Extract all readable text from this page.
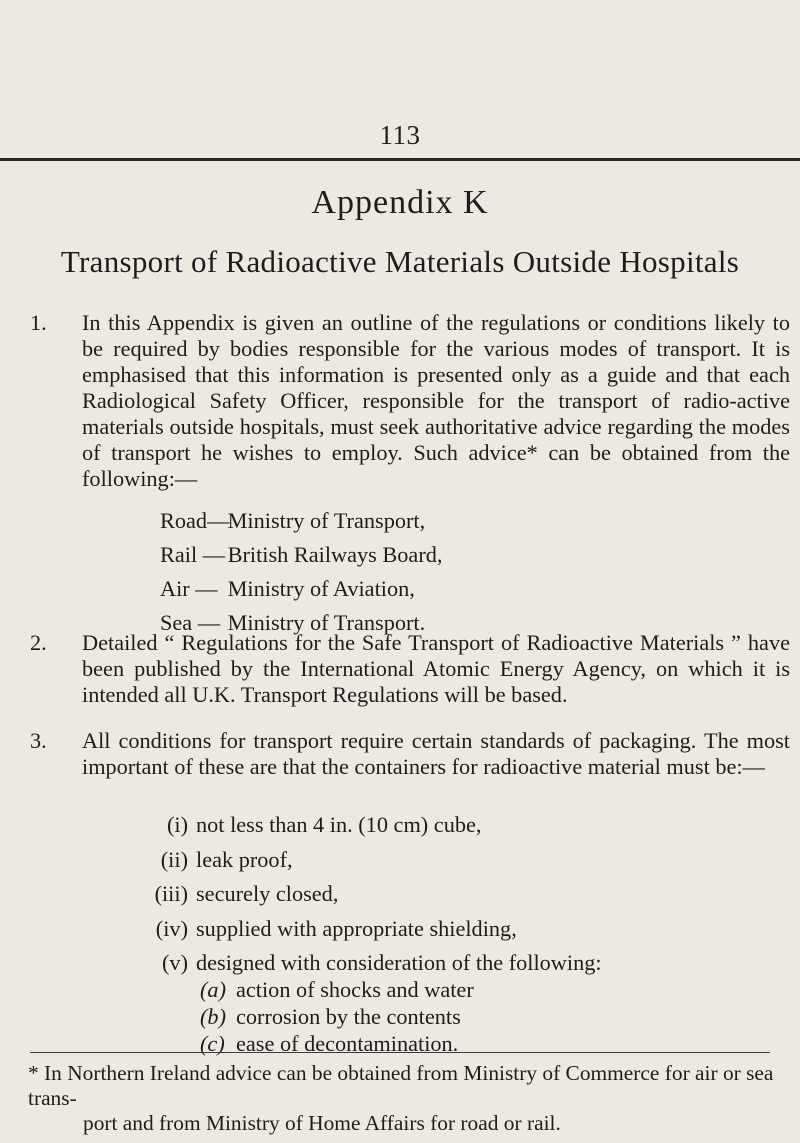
113
Appendix K
Transport of Radioactive Materials Outside Hospitals
1. In this Appendix is given an outline of the regulations or conditions likely to be required by bodies responsible for the various modes of transport. It is emphasised that this information is presented only as a guide and that each Radiological Safety Officer, responsible for the transport of radio-active materials outside hospitals, must seek authoritative advice regarding the modes of transport he wishes to employ. Such advice* can be obtained from the following:—
Road— Ministry of Transport,
Rail — British Railways Board,
Air — Ministry of Aviation,
Sea — Ministry of Transport.
2. Detailed “ Regulations for the Safe Transport of Radioactive Materials ” have been published by the International Atomic Energy Agency, on which it is intended all U.K. Transport Regulations will be based.
3. All conditions for transport require certain standards of packaging. The most important of these are that the containers for radioactive material must be:—
(i) not less than 4 in. (10 cm) cube,
(ii) leak proof,
(iii) securely closed,
(iv) supplied with appropriate shielding,
(v) designed with consideration of the following:
(a) action of shocks and water
(b) corrosion by the contents
(c) ease of decontamination.
* In Northern Ireland advice can be obtained from Ministry of Commerce for air or sea trans-
port and from Ministry of Home Affairs for road or rail.
